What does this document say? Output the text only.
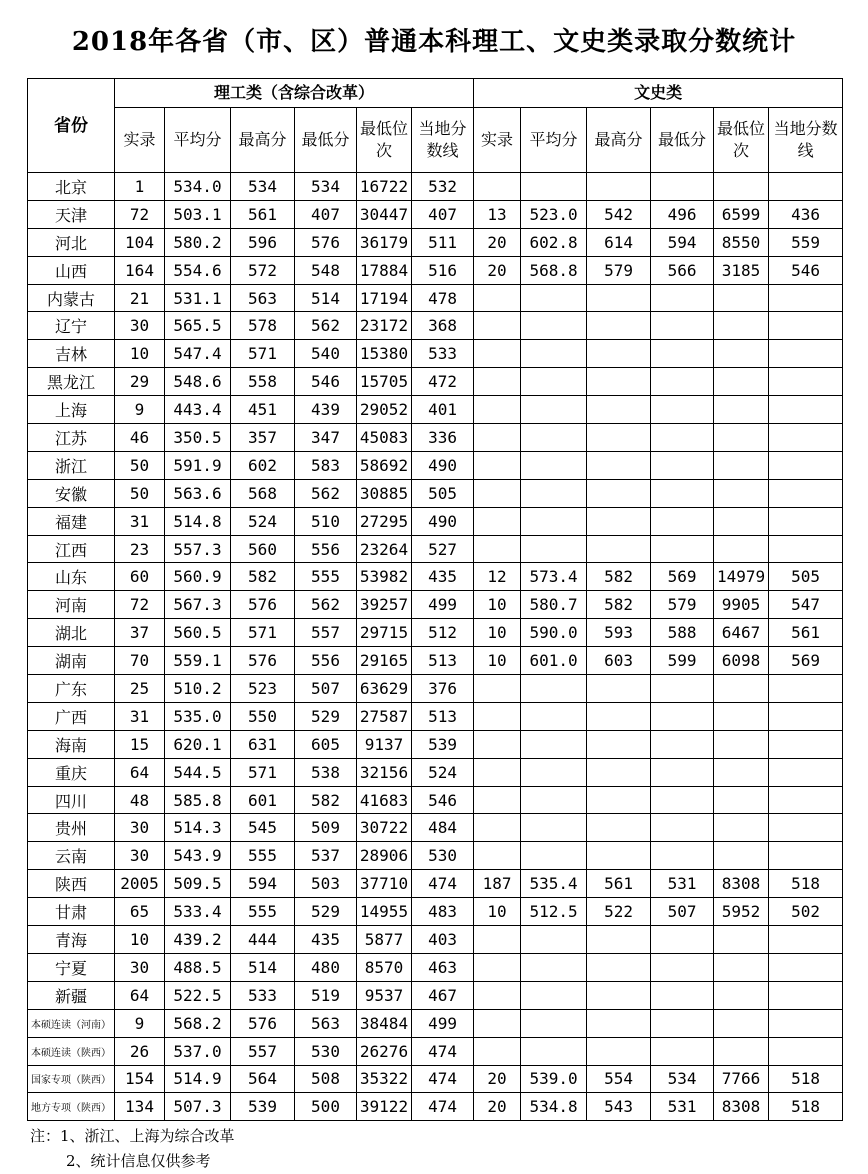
2018年各省（市、区）普通本科理工、文史类录取分数统计
省份	理工类（含综合改革）						文史类					
	实录	平均分	最高分	最低分	最低位次	当地分数线	实录	平均分	最高分	最低分	最低位次	当地分数线
北京	1	534.0	534	534	16722	532						
天津	72	503.1	561	407	30447	407	13	523.0	542	496	6599	436
河北	104	580.2	596	576	36179	511	20	602.8	614	594	8550	559
山西	164	554.6	572	548	17884	516	20	568.8	579	566	3185	546
内蒙古	21	531.1	563	514	17194	478						
辽宁	30	565.5	578	562	23172	368						
吉林	10	547.4	571	540	15380	533						
黑龙江	29	548.6	558	546	15705	472						
上海	9	443.4	451	439	29052	401						
江苏	46	350.5	357	347	45083	336						
浙江	50	591.9	602	583	58692	490						
安徽	50	563.6	568	562	30885	505						
福建	31	514.8	524	510	27295	490						
江西	23	557.3	560	556	23264	527						
山东	60	560.9	582	555	53982	435	12	573.4	582	569	14979	505
河南	72	567.3	576	562	39257	499	10	580.7	582	579	9905	547
湖北	37	560.5	571	557	29715	512	10	590.0	593	588	6467	561
湖南	70	559.1	576	556	29165	513	10	601.0	603	599	6098	569
广东	25	510.2	523	507	63629	376						
广西	31	535.0	550	529	27587	513						
海南	15	620.1	631	605	9137	539						
重庆	64	544.5	571	538	32156	524						
四川	48	585.8	601	582	41683	546						
贵州	30	514.3	545	509	30722	484						
云南	30	543.9	555	537	28906	530						
陕西	2005	509.5	594	503	37710	474	187	535.4	561	531	8308	518
甘肃	65	533.4	555	529	14955	483	10	512.5	522	507	5952	502
青海	10	439.2	444	435	5877	403						
宁夏	30	488.5	514	480	8570	463						
新疆	64	522.5	533	519	9537	467						
本硕连读（河南）	9	568.2	576	563	38484	499						
本硕连读（陕西）	26	537.0	557	530	26276	474						
国家专项（陕西）	154	514.9	564	508	35322	474	20	539.0	554	534	7766	518
地方专项（陕西）	134	507.3	539	500	39122	474	20	534.8	543	531	8308	518
注：1、浙江、上海为综合改革
2、统计信息仅供参考
